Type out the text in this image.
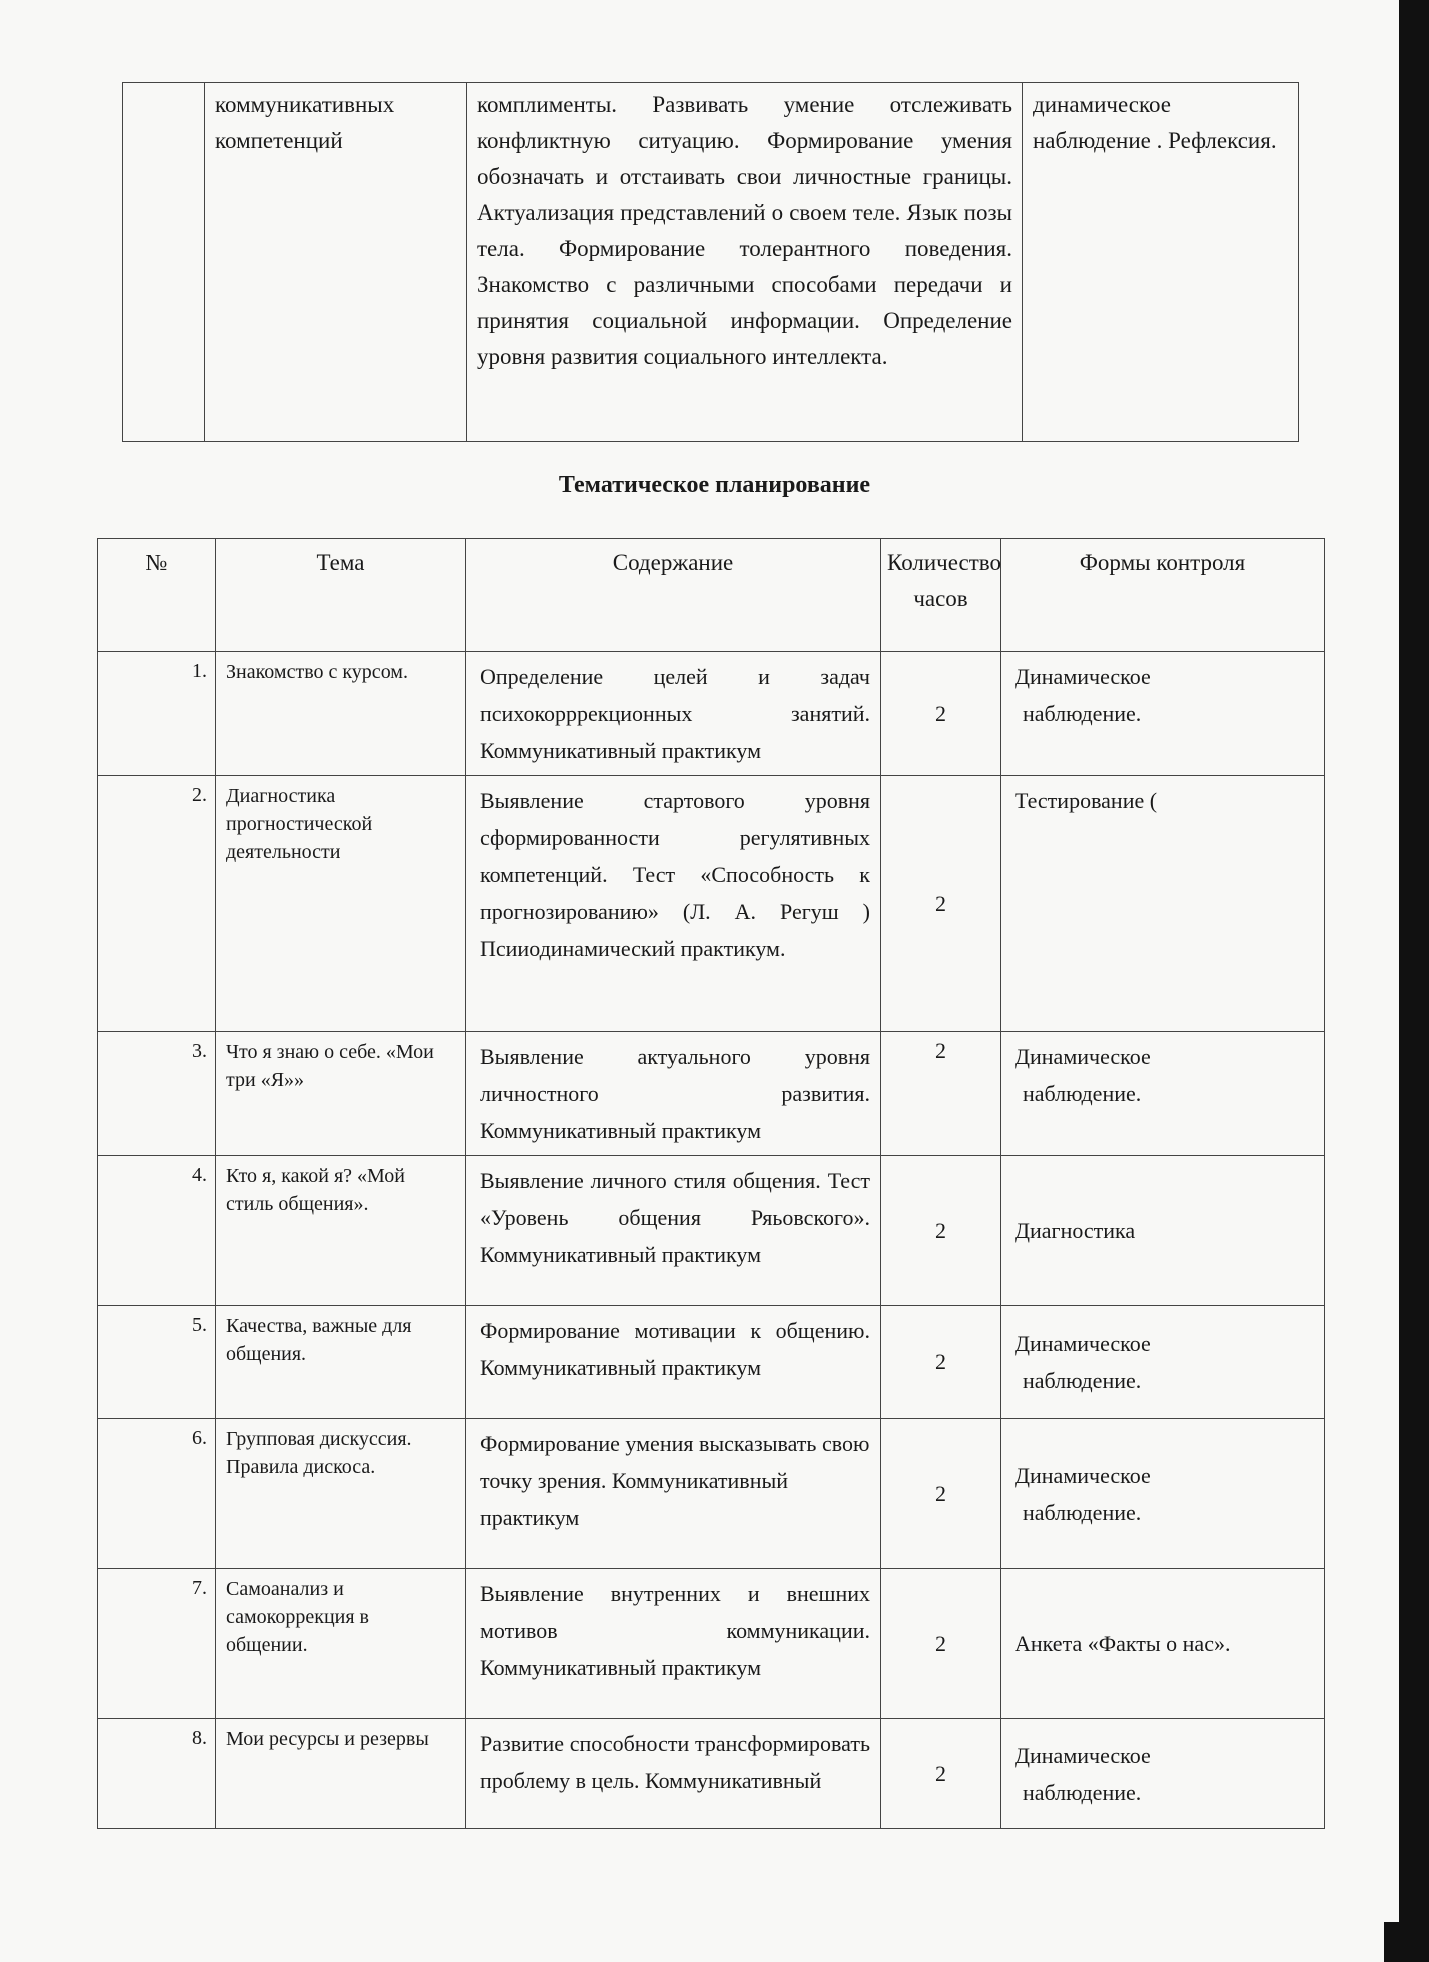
	коммуникативных компетенций	комплименты. Развивать умение отслеживать конфликтную ситуацию. Формирование умения обозначать и отстаивать свои личностные границы. Актуализация представлений о своем теле. Язык позы тела. Формирование толерантного поведения. Знакомство с различными способами передачи и принятия социальной информации. Определение уровня развития социального интеллекта.	динамическое наблюдение . Рефлексия.
Тематическое планирование
№	Тема	Содержание	Количество часов	Формы контроля
1.	Знакомство с курсом.	Определение целей и задач психокорррекционных занятий. Коммуникативный практикум	2	Динамическое

наблюдение.

2.	Диагностика прогностической деятельности	Выявление стартового уровня сформированности регулятивных компетенций. Тест «Способность к прогнозированию» (Л. А. Регуш ) Псииодинамический практикум.	2	Тестирование (

3.	Что я знаю о себе. «Мои три «Я»»	Выявление актуального уровня личностного развития. Коммуникативный практикум	2	Динамическое

наблюдение.

4.	Кто я, какой я? «Мой стиль общения».	Выявление личного стиля общения. Тест «Уровень общения Ряьовского». Коммуникативный практикум	2	Диагностика
5.	Качества, важные для общения.	Формирование мотивации к общению. Коммуникативный практикум	2	Динамическое

наблюдение.

6.	Групповая дискуссия. Правила дискоса.	Формирование умения высказывать свою точку зрения. Коммуникативный практикум	2	Динамическое

наблюдение.

7.	Самоанализ и самокоррекция в общении.	Выявление внутренних и внешних мотивов коммуникации. Коммуникативный практикум	2	Анкета «Факты о нас».
8.	Мои ресурсы и резервы	Развитие способности трансформировать проблему в цель. Коммуникативный	2	Динамическое

наблюдение.
